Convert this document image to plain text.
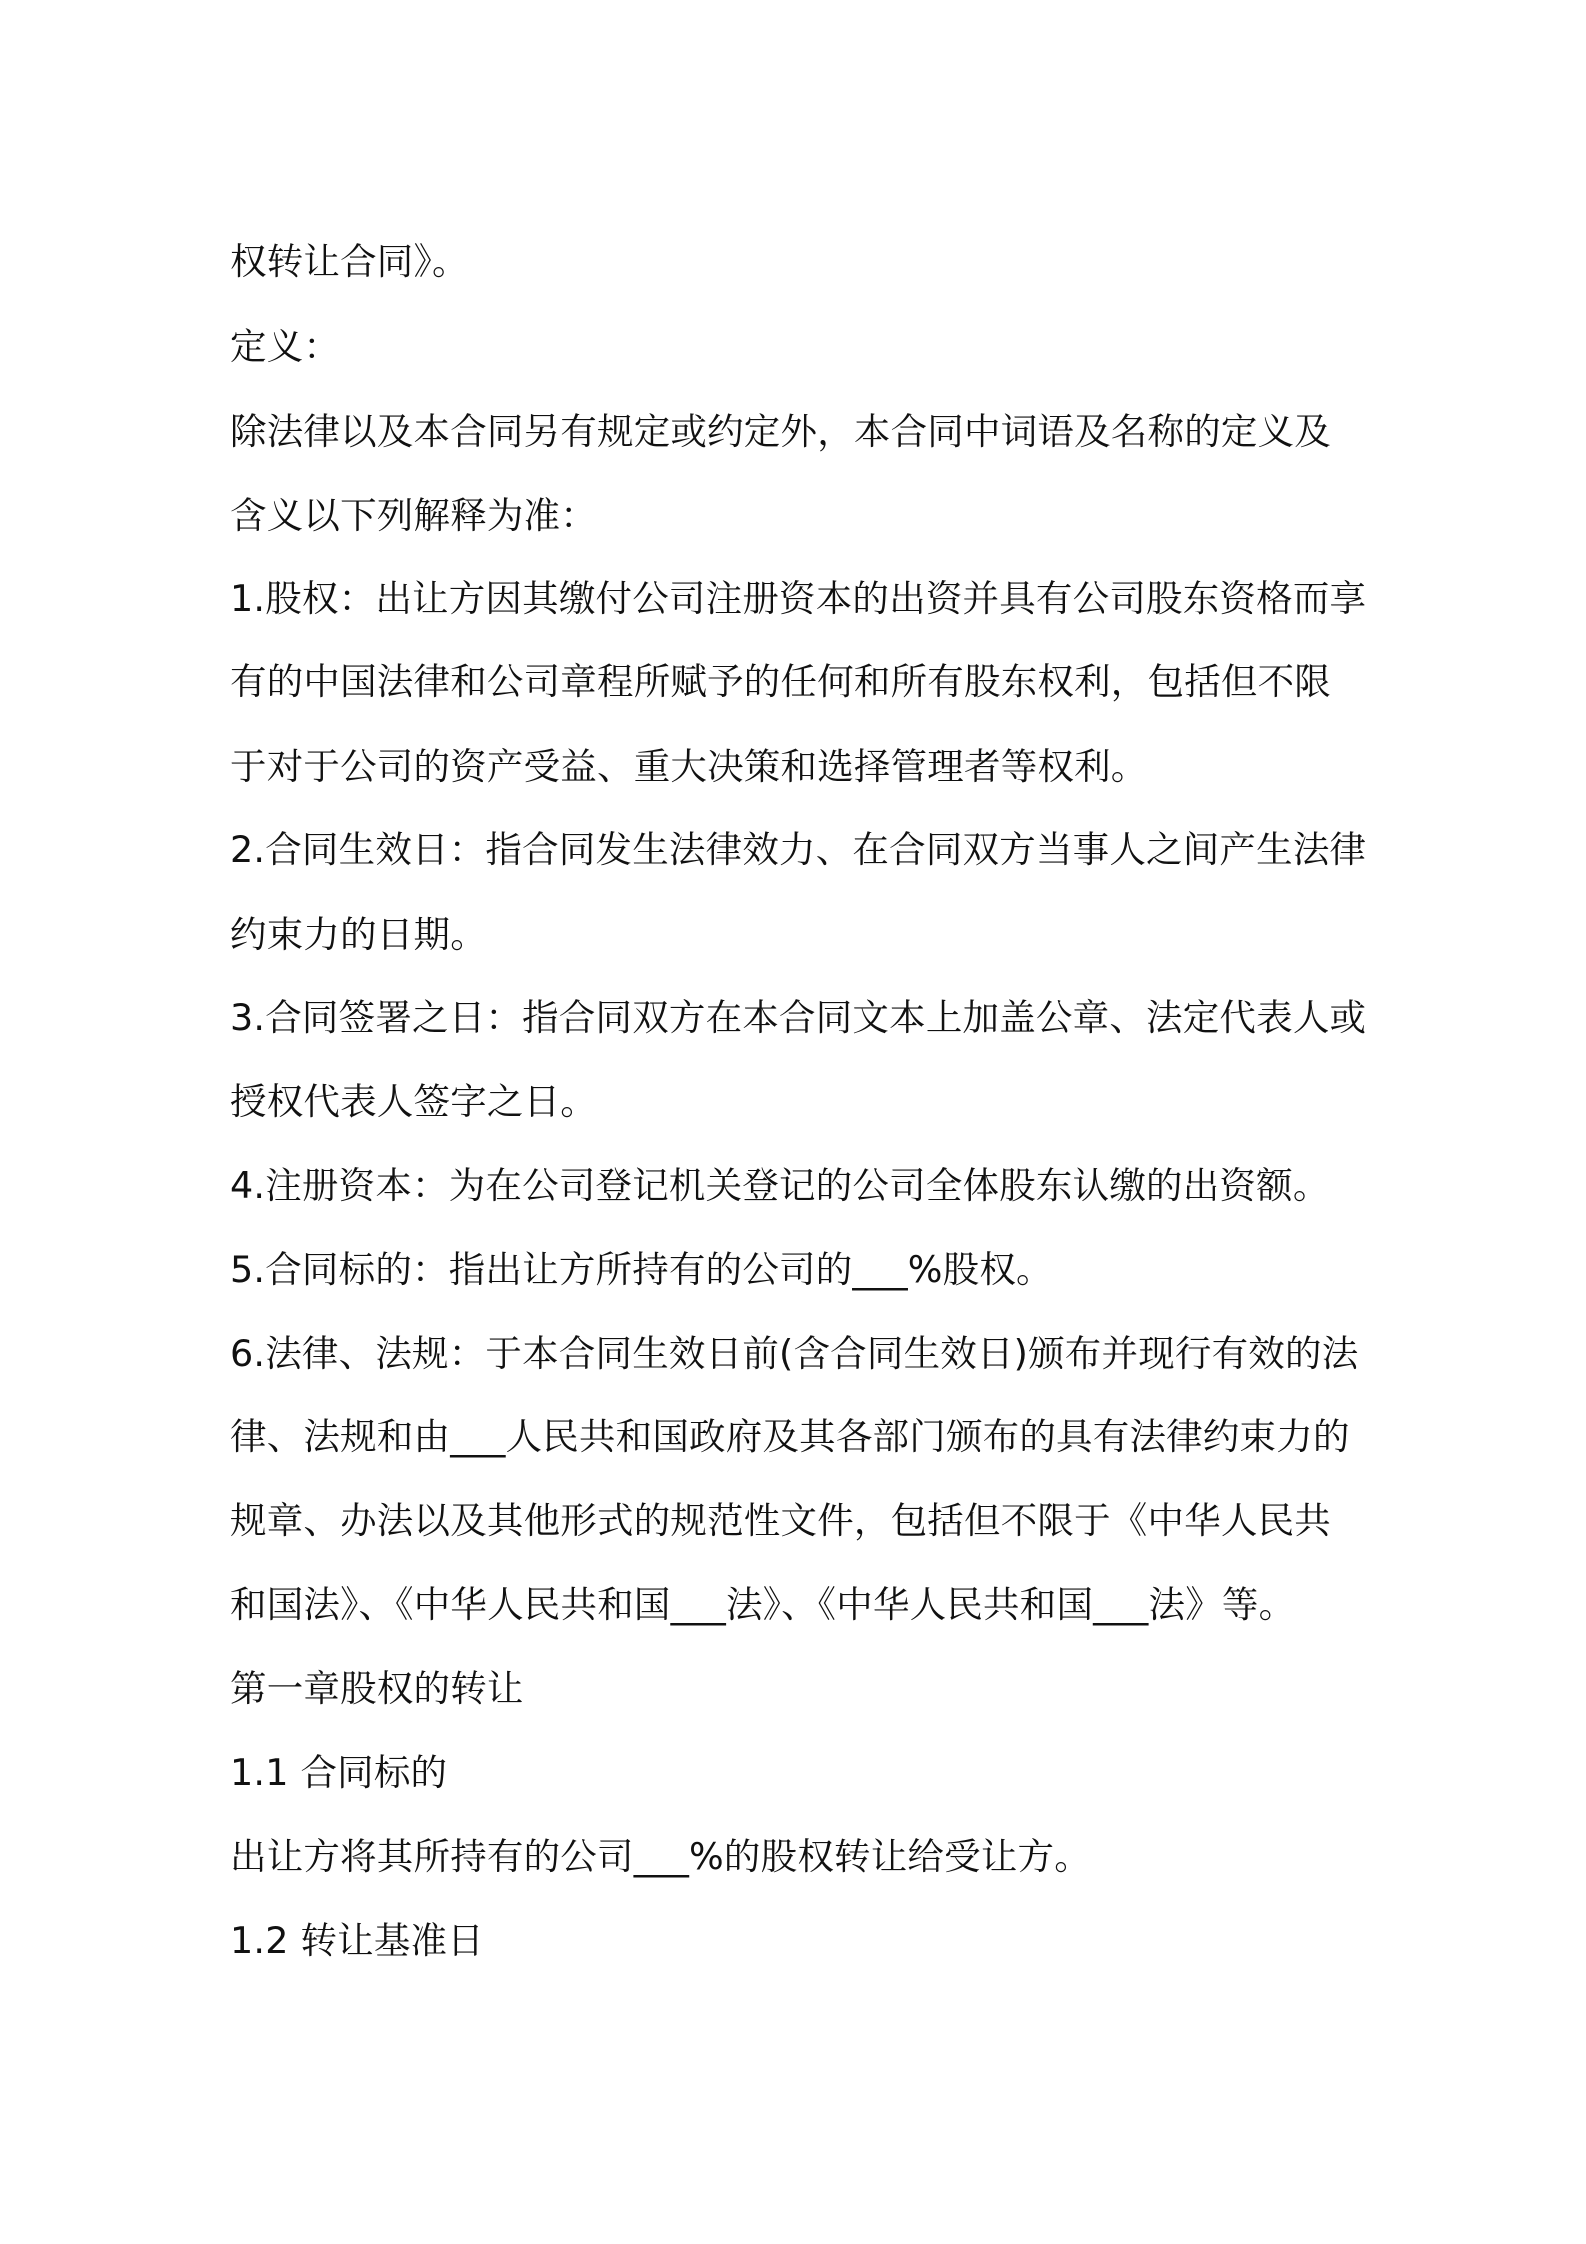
权转让合同》。
定义：
除法律以及本合同另有规定或约定外，本合同中词语及名称的定义及
含义以下列解释为准：
1.股权：出让方因其缴付公司注册资本的出资并具有公司股东资格而享
有的中国法律和公司章程所赋予的任何和所有股东权利，包括但不限
于对于公司的资产受益、重大决策和选择管理者等权利。
2.合同生效日：指合同发生法律效力、在合同双方当事人之间产生法律
约束力的日期。
3.合同签署之日：指合同双方在本合同文本上加盖公章、法定代表人或
授权代表人签字之日。
4.注册资本：为在公司登记机关登记的公司全体股东认缴的出资额。
5.合同标的：指出让方所持有的公司的___%股权。
6.法律、法规：于本合同生效日前(含合同生效日)颁布并现行有效的法
律、法规和由___人民共和国政府及其各部门颁布的具有法律约束力的
规章、办法以及其他形式的规范性文件，包括但不限于《中华人民共
和国法》、《中华人民共和国___法》、《中华人民共和国___法》等。
第一章股权的转让
1.1 合同标的
出让方将其所持有的公司___%的股权转让给受让方。
1.2 转让基准日
